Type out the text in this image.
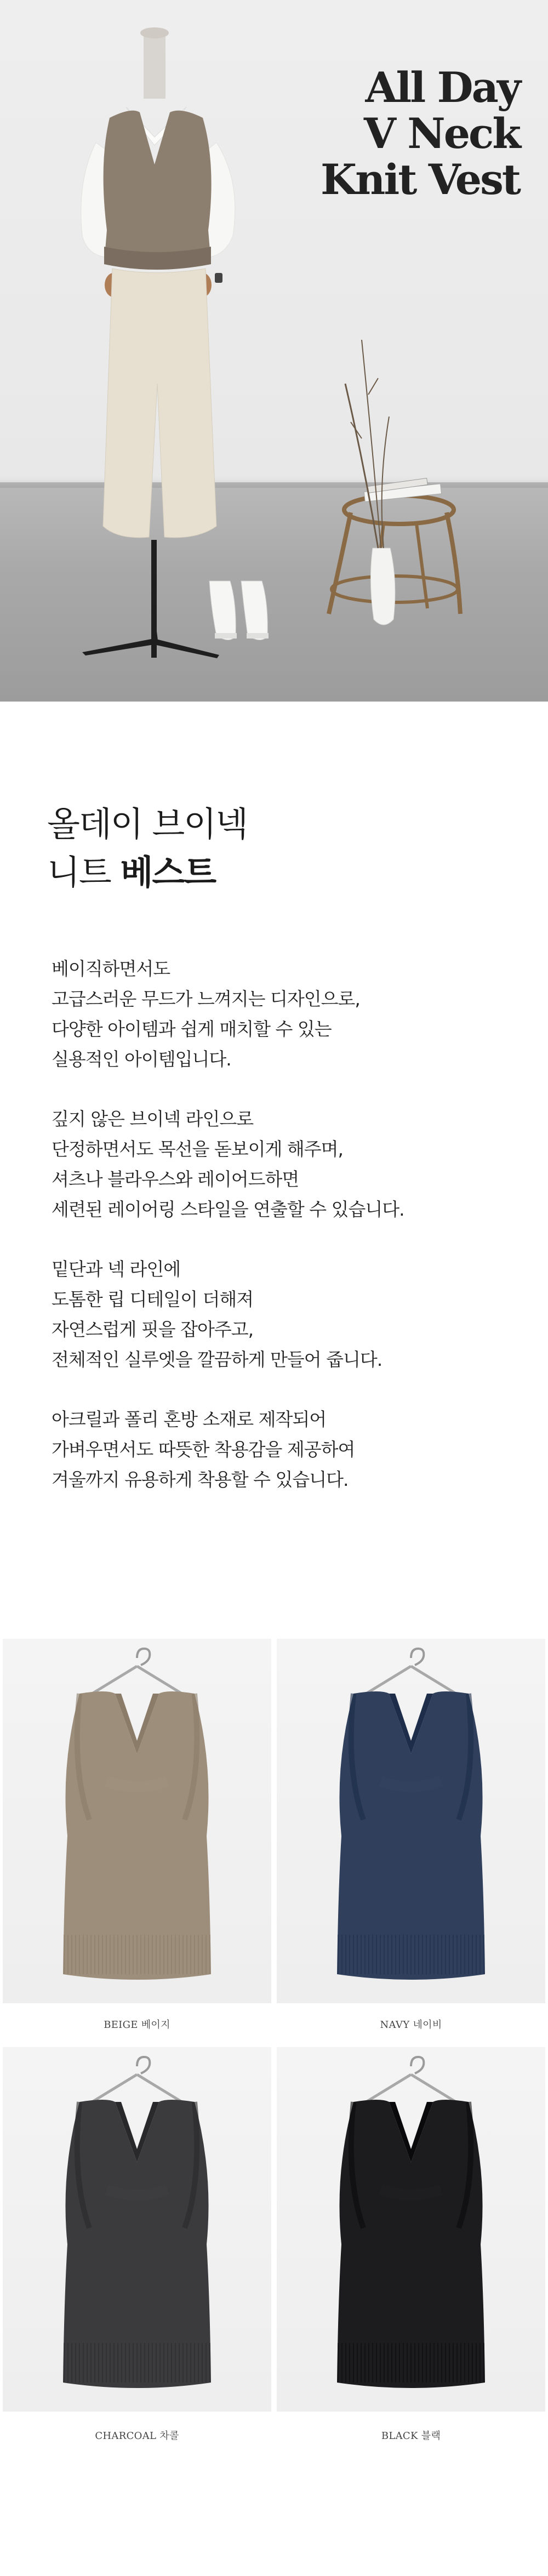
All Day
V Neck
Knit Vest
올데이 브이넥
니트 베스트
베이직하면서도
고급스러운 무드가 느껴지는 디자인으로,
다양한 아이템과 쉽게 매치할 수 있는
실용적인 아이템입니다.
깊지 않은 브이넥 라인으로
단정하면서도 목선을 돋보이게 해주며,
셔츠나 블라우스와 레이어드하면
세련된 레이어링 스타일을 연출할 수 있습니다.
밑단과 넥 라인에
도톰한 립 디테일이 더해져
자연스럽게 핏을 잡아주고,
전체적인 실루엣을 깔끔하게 만들어 줍니다.
아크릴과 폴리 혼방 소재로 제작되어
가벼우면서도 따뜻한 착용감을 제공하여
겨울까지 유용하게 착용할 수 있습니다.
BEIGE 베이지	NAVY 네이비
CHARCOAL 차콜	BLACK 블랙
